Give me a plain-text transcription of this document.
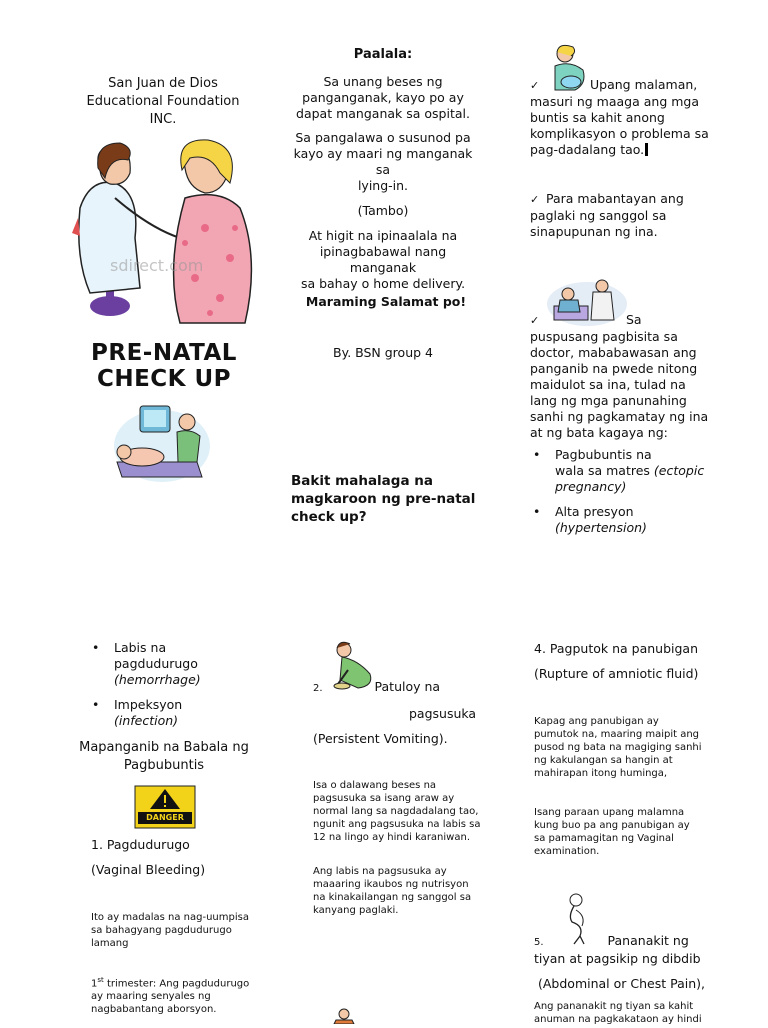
San Juan de Dios

Educational Foundation

INC.

sdirect.com

PRE-NATAL

CHECK UP

Paalala:

Sa unang beses ng

panganganak, kayo po ay

dapat manganak sa ospital.

Sa pangalawa o susunod pa

kayo ay maari ng manganak sa

lying-in.

(Tambo)

At higit na ipinaalala na

ipinagbabawal nang manganak

sa bahay o home delivery.

Maraming Salamat po!
By. BSN group 4

Bakit mahalaga na

magkaroon ng pre-natal

check up?

✓	Upang malaman,

masuri ng maaga ang mga

buntis sa kahit anong

komplikasyon o problema sa

pag-dadalang tao.

✓ Para mabantayan ang

paglaki ng sanggol sa

sinapupunan ng ina.

✓	Sa

puspusang pagbisita sa

doctor, mababawasan ang

panganib na pwede nitong

maidulot sa ina, tulad na

lang ng mga panunahing

sanhi ng pagkamatay ng ina

at ng bata kagaya ng:

• Pagbubuntis na

wala sa matres (ectopic

pregnancy)

• Alta presyon

(hypertension)

• Labis na

pagdudurugo

(hemorrhage)

• Impeksyon

(infection)

Mapanganib na Babala ng

Pagbubuntis

DANGER

1. Pagdudurugo

(Vaginal Bleeding)

Ito ay madalas na nag-uumpisa

sa bahagyang pagdudurugo

lamang

1st trimester: Ang pagdudurugo

ay maaring senyales ng

nagbabantang aborsyon.

2.	Patuloy na

pagsusuka

(Persistent Vomiting).

Isa o dalawang beses na

pagsusuka sa isang araw ay

normal lang sa nagdadalang tao,

ngunit ang pagsusuka na labis sa

12 na lingo ay hindi karaniwan.

Ang labis na pagsusuka ay

maaaring ikaubos ng nutrisyon

na kinakailangan ng sanggol sa

kanyang paglaki.

4. Pagputok na panubigan

(Rupture of amniotic fluid)

Kapag ang panubigan ay

pumutok na, maaring maipit ang

pusod ng bata na magiging sanhi

ng kakulangan sa hangin at

mahirapan itong huminga,

Isang paraan upang malamna

kung buo pa ang panubigan ay

sa pamamagitan ng Vaginal

examination.

5.	Pananakit ng

tiyan at pagsikip ng dibdib

(Abdominal or Chest Pain),

Ang pananakit ng tiyan sa kahit

anuman na pagkakataon ay hindi
